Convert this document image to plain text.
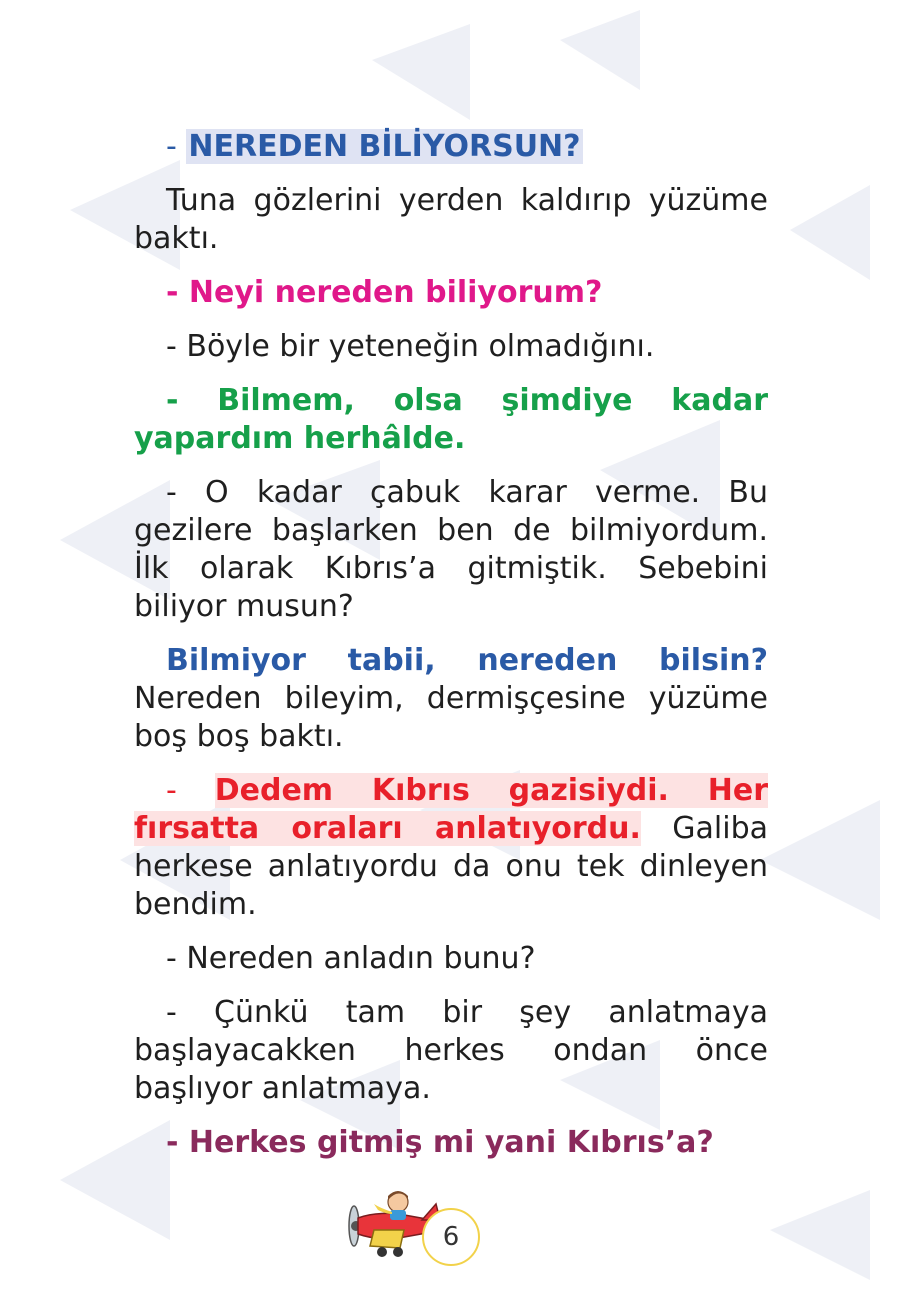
- NEREDEN BİLİYORSUN?

Tuna gözlerini yerden kaldırıp yüzüme baktı.

- Neyi nereden biliyorum?

- Böyle bir yeteneğin olmadığını.

- Bilmem, olsa şimdiye kadar yapardım herhâlde.

- O kadar çabuk karar verme. Bu gezilere başlarken ben de bilmiyordum. İlk olarak Kıbrıs’a gitmiştik. Sebebini biliyor musun?

Bilmiyor tabii, nereden bilsin? Nereden bileyim, dermişçesine yüzüme boş boş baktı.

- Dedem Kıbrıs gazisiydi. Her fırsatta oraları anlatıyordu. Galiba herkese anlatıyordu da onu tek dinleyen bendim.

- Nereden anladın bunu?

- Çünkü tam bir şey anlatmaya başlayacakken herkes ondan önce başlıyor anlatmaya.

- Herkes gitmiş mi yani Kıbrıs’a?

6
